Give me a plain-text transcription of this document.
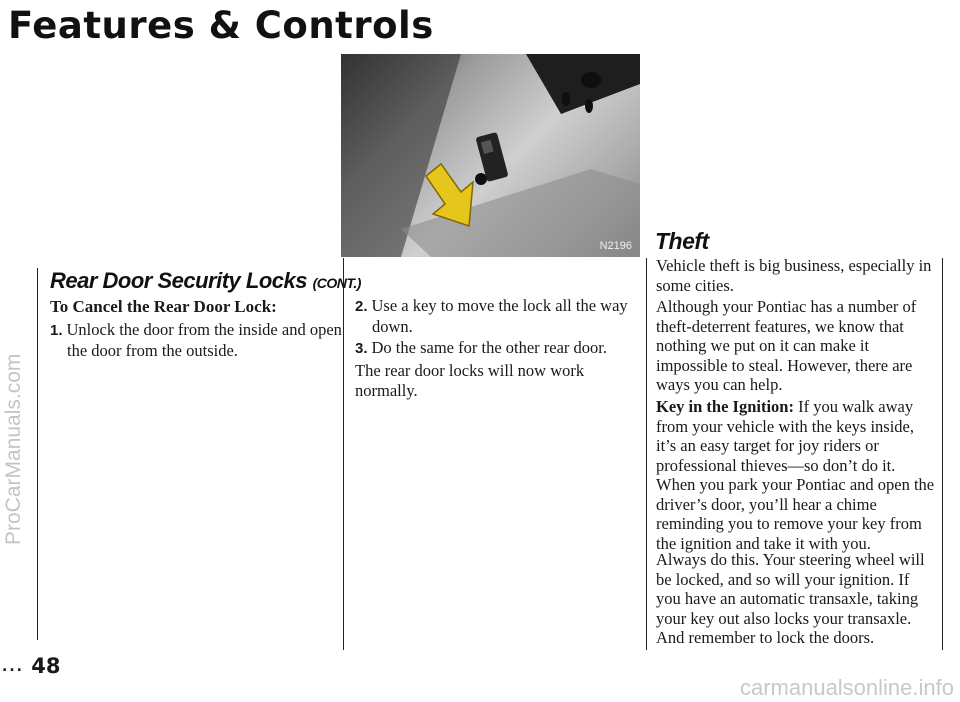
Features & Controls
ProCarManuals.com
N2196
Rear Door Security Locks (CONT.)
To Cancel the Rear Door Lock:
1. Unlock the door from the inside and open the door from the outside.
2. Use a key to move the lock all the way down.
3. Do the same for the other rear door.
The rear door locks will now work normally.
Theft
Vehicle theft is big business, especially in some cities.
Although your Pontiac has a number of theft-deterrent features, we know that nothing we put on it can make it impossible to steal. However, there are ways you can help.
Key in the Ignition: If you walk away from your vehicle with the keys inside, it’s an easy target for joy riders or professional thieves—so don’t do it. When you park your Pontiac and open the driver’s door, you’ll hear a chime reminding you to remove your key from the ignition and take it with you.
Always do this. Your steering wheel will be locked, and so will your ignition. If you have an automatic transaxle, taking your key out also locks your transaxle. And remember to lock the doors.
... 48
carmanualsonline.info
